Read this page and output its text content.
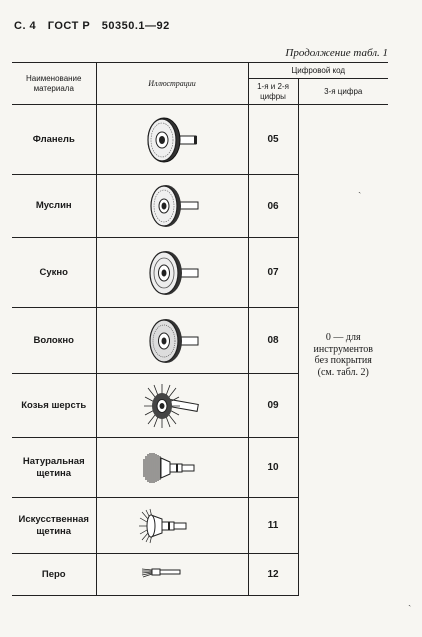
С. 4 ГОСТ Р 50350.1—92
Продолжение табл. 1
Наименование материала	Иллюстрации	Цифровой код	
		1-я и 2-я цифры	3-я цифра
Фланель		05	0 — для инструментов без покрытия (см. табл. 2)
Муслин		06	
Сукно		07	
Волокно		08	
Козья шерсть		09	
Натуральная щетина		10	
Искусственная щетина		11	
Перо		12	
ˏ
ˏ
